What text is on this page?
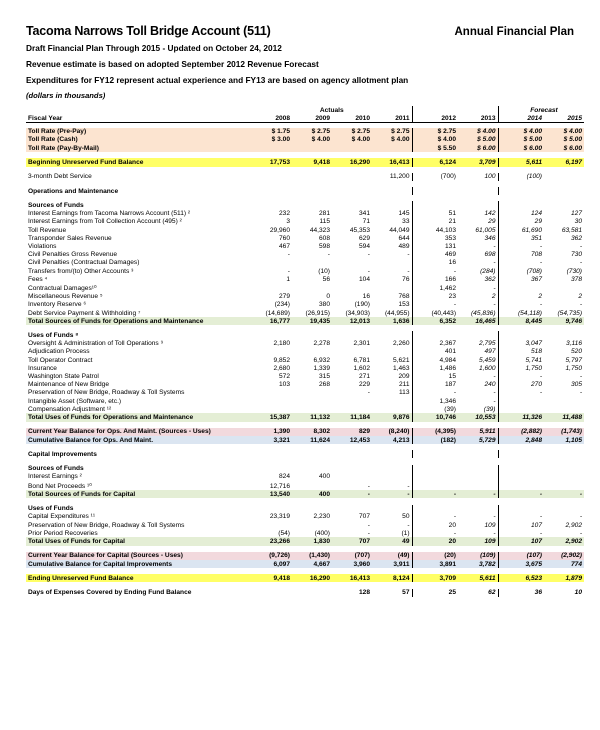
Tacoma Narrows Toll Bridge Account (511)	Annual Financial Plan
Draft Financial Plan Through 2015 - Updated on October 24, 2012
Revenue estimate is based on adopted September 2012 Revenue Forecast
Expenditures for FY12 represent actual experience and FY13 are based on agency allotment plan
(dollars in thousands)
	Actuals								Forecast	
Fiscal Year	2008	2009	2010	2011		2012	2013		2014	2015

Toll Rate (Pre-Pay)	$ 1.75	$ 2.75	$ 2.75	$ 2.75		$ 2.75	$ 4.00		$ 4.00	$ 4.00
Toll Rate (Cash)	$ 3.00	$ 4.00	$ 4.00	$ 4.00		$ 4.00	$ 5.00		$ 5.00	$ 5.00
Toll Rate (Pay-By-Mail)						$ 5.50	$ 6.00		$ 6.00	$ 6.00

Beginning Unreserved Fund Balance	17,753	9,418	16,290	16,413		6,124	3,709		5,611	6,197

3-month Debt Service				11,200		(700)	100		(100)	

Operations and Maintenance										

Sources of Funds										
Interest Earnings from Tacoma Narrows Account (511) ²	232	281	341	145		51	142		124	127
Interest Earnings from Toll Collection Account (495) ²	3	115	71	33		21	29		29	30
Toll Revenue	29,960	44,323	45,353	44,049		44,103	61,005		61,690	63,581
Transponder Sales Revenue	760	608	629	644		353	346		351	362
Violations	467	598	594	489		131	-		-	-
Civil Penalties Gross Revenue	-	-	-	-		469	698		708	730
Civil Penalties (Contractual Damages)						16	-		-	-
Transfers from/(to) Other Accounts ³	-	(10)	-	-		-	(284)		(708)	(730)
Fees ⁴	1	56	104	76		166	362		367	378
Contractual Damages¹⁰						1,462	-			
Miscellaneous Revenue ⁵	279	0	16	768		23	2		2	2
Inventory Reserve ⁶	(234)	380	(190)	153		-	-		-	-
Debt Service Payment & Withholding ⁷	(14,689)	(26,915)	(34,903)	(44,955)		(40,443)	(45,836)		(54,118)	(54,735)
Total Sources of Funds for Operations and Maintenance	16,777	19,435	12,013	1,636		6,352	16,465		8,445	9,746

Uses of Funds ⁸										
Oversight & Administration of Toll Operations ⁹	2,180	2,278	2,301	2,260		2,367	2,795		3,047	3,116
Adjudication Process						401	497		518	520
Toll Operator Contract	9,852	6,932	6,781	5,621		4,984	5,459		5,741	5,797
Insurance	2,680	1,339	1,602	1,463		1,486	1,600		1,750	1,750
Washington State Patrol	572	315	271	209		15	-		-	-
Maintenance of New Bridge	103	268	229	211		187	240		270	305
Preservation of New Bridge, Roadway & Toll Systems			-	113		-	-		-	-
Intangible Asset (Software, etc.)						1,346	-			
Compensation Adjustment ¹²						(39)	(39)			
Total Uses of Funds for Operations and Maintenance	15,387	11,132	11,184	9,876		10,746	10,553		11,326	11,488

Current Year Balance for Ops. And Maint. (Sources - Uses)	1,390	8,302	829	(8,240)		(4,395)	5,911		(2,882)	(1,743)
Cumulative Balance for Ops. And Maint.	3,321	11,624	12,453	4,213		(182)	5,729		2,848	1,105

Capital Improvements										

Sources of Funds										
Interest Earnings ²	824	400								
Bond Net Proceeds ¹⁰	12,716		-	-						
Total Sources of Funds for Capital	13,540	400	-	-		-	-		-	-

Uses of Funds										
Capital Expenditures ¹¹	23,319	2,230	707	50		-	-		-	-
Preservation of New Bridge, Roadway & Toll Systems			-	-		20	109		107	2,902
Prior Period Recoveries	(54)	(400)	-	(1)		-	-		-	-
Total Uses of Funds for Capital	23,266	1,830	707	49		20	109		107	2,902

Current Year Balance for Capital (Sources - Uses)	(9,726)	(1,430)	(707)	(49)		(20)	(109)		(107)	(2,902)
Cumulative Balance for Capital Improvements	6,097	4,667	3,960	3,911		3,891	3,782		3,675	774

Ending Unreserved Fund Balance	9,418	16,290	16,413	8,124		3,709	5,611		6,523	1,879

Days of Expenses Covered by Ending Fund Balance			128	57		25	62		36	10
